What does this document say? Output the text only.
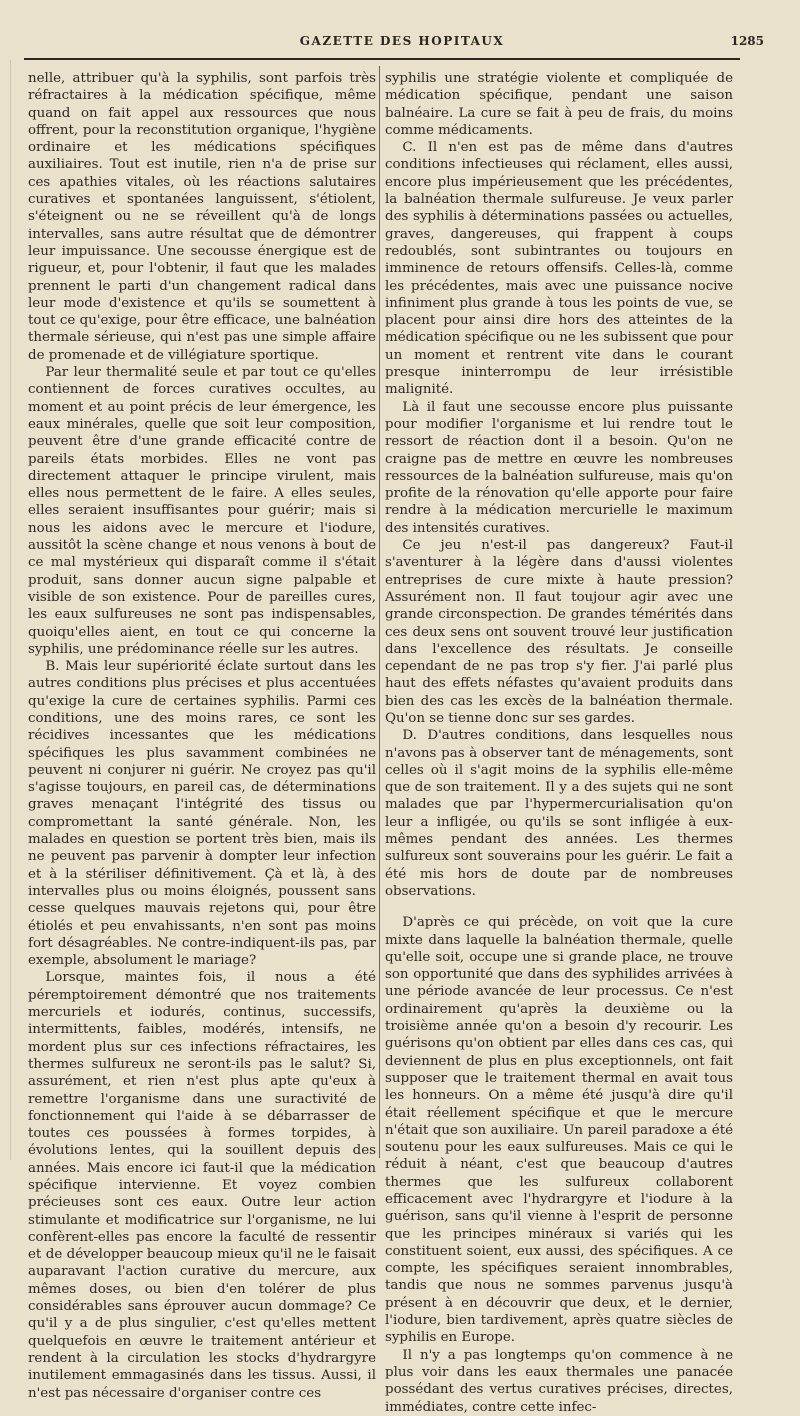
GAZETTE DES HOPITAUX	1285

nelle, attribuer qu'à la syphilis, sont parfois très réfractaires à la médication spécifique, même quand on fait appel aux ressources que nous offrent, pour la reconstitution organique, l'hygiène ordinaire et les médications spécifiques auxiliaires. Tout est inutile, rien n'a de prise sur ces apathies vitales, où les réactions salutaires curatives et spontanées languissent, s'étiolent, s'éteignent ou ne se réveillent qu'à de longs intervalles, sans autre résultat que de démontrer leur impuissance. Une secousse énergique est de rigueur, et, pour l'obtenir, il faut que les malades prennent le parti d'un changement radical dans leur mode d'existence et qu'ils se soumettent à tout ce qu'exige, pour être efficace, une balnéation thermale sérieuse, qui n'est pas une simple affaire de promenade et de villégiature sportique.

Par leur thermalité seule et par tout ce qu'elles contiennent de forces curatives occultes, au moment et au point précis de leur émergence, les eaux minérales, quelle que soit leur composition, peuvent être d'une grande efficacité contre de pareils états morbides. Elles ne vont pas directement attaquer le principe virulent, mais elles nous permettent de le faire. A elles seules, elles seraient insuffisantes pour guérir; mais si nous les aidons avec le mercure et l'iodure, aussitôt la scène change et nous venons à bout de ce mal mystérieux qui disparaît comme il s'était produit, sans donner aucun signe palpable et visible de son existence. Pour de pareilles cures, les eaux sulfureuses ne sont pas indispensables, quoiqu'elles aient, en tout ce qui concerne la syphilis, une prédominance réelle sur les autres.

B. Mais leur supériorité éclate surtout dans les autres conditions plus précises et plus accentuées qu'exige la cure de certaines syphilis. Parmi ces conditions, une des moins rares, ce sont les récidives incessantes que les médications spécifiques les plus savamment combinées ne peuvent ni conjurer ni guérir. Ne croyez pas qu'il s'agisse toujours, en pareil cas, de déterminations graves menaçant l'intégrité des tissus ou compromettant la santé générale. Non, les malades en question se portent très bien, mais ils ne peuvent pas parvenir à dompter leur infection et à la stériliser définitivement. Çà et là, à des intervalles plus ou moins éloignés, poussent sans cesse quelques mauvais rejetons qui, pour être étiolés et peu envahissants, n'en sont pas moins fort désagréables. Ne contre-indiquent-ils pas, par exemple, absolument le mariage?

Lorsque, maintes fois, il nous a été péremptoirement démontré que nos traitements mercuriels et iodurés, continus, successifs, intermittents, faibles, modérés, intensifs, ne mordent plus sur ces infections réfractaires, les thermes sulfureux ne seront-ils pas le salut? Si, assurément, et rien n'est plus apte qu'eux à remettre l'organisme dans une suractivité de fonctionnement qui l'aide à se débarrasser de toutes ces poussées à formes torpides, à évolutions lentes, qui la souillent depuis des années. Mais encore ici faut-il que la médication spécifique intervienne. Et voyez combien précieuses sont ces eaux. Outre leur action stimulante et modificatrice sur l'organisme, ne lui confèrent-elles pas encore la faculté de ressentir et de développer beaucoup mieux qu'il ne le faisait auparavant l'action curative du mercure, aux mêmes doses, ou bien d'en tolérer de plus considérables sans éprouver aucun dommage? Ce qu'il y a de plus singulier, c'est qu'elles mettent quelquefois en œuvre le traitement antérieur et rendent à la circulation les stocks d'hydrargyre inutilement emmagasinés dans les tissus. Aussi, il n'est pas nécessaire d'organiser contre ces

syphilis une stratégie violente et compliquée de médication spécifique, pendant une saison balnéaire. La cure se fait à peu de frais, du moins comme médicaments.

C. Il n'en est pas de même dans d'autres conditions infectieuses qui réclament, elles aussi, encore plus impérieusement que les précédentes, la balnéation thermale sulfureuse. Je veux parler des syphilis à déterminations passées ou actuelles, graves, dangereuses, qui frappent à coups redoublés, sont subintrantes ou toujours en imminence de retours offensifs. Celles-là, comme les précédentes, mais avec une puissance nocive infiniment plus grande à tous les points de vue, se placent pour ainsi dire hors des atteintes de la médication spécifique ou ne les subissent que pour un moment et rentrent vite dans le courant presque ininterrompu de leur irrésistible malignité.

Là il faut une secousse encore plus puissante pour modifier l'organisme et lui rendre tout le ressort de réaction dont il a besoin. Qu'on ne craigne pas de mettre en œuvre les nombreuses ressources de la balnéation sulfureuse, mais qu'on profite de la rénovation qu'elle apporte pour faire rendre à la médication mercurielle le maximum des intensités curatives.

Ce jeu n'est-il pas dangereux? Faut-il s'aventurer à la légère dans d'aussi violentes entreprises de cure mixte à haute pression? Assurément non. Il faut toujour agir avec une grande circonspection. De grandes témérités dans ces deux sens ont souvent trouvé leur justification dans l'excellence des résultats. Je conseille cependant de ne pas trop s'y fier. J'ai parlé plus haut des effets néfastes qu'avaient produits dans bien des cas les excès de la balnéation thermale. Qu'on se tienne donc sur ses gardes.

D. D'autres conditions, dans lesquelles nous n'avons pas à observer tant de ménagements, sont celles où il s'agit moins de la syphilis elle-même que de son traitement. Il y a des sujets qui ne sont malades que par l'hypermercurialisation qu'on leur a infligée, ou qu'ils se sont infligée à eux-mêmes pendant des années. Les thermes sulfureux sont souverains pour les guérir. Le fait a été mis hors de doute par de nombreuses observations.

D'après ce qui précède, on voit que la cure mixte dans laquelle la balnéation thermale, quelle qu'elle soit, occupe une si grande place, ne trouve son opportunité que dans des syphilides arrivées à une période avancée de leur processus. Ce n'est ordinairement qu'après la deuxième ou la troisième année qu'on a besoin d'y recourir. Les guérisons qu'on obtient par elles dans ces cas, qui deviennent de plus en plus exceptionnels, ont fait supposer que le traitement thermal en avait tous les honneurs. On a même été jusqu'à dire qu'il était réellement spécifique et que le mercure n'était que son auxiliaire. Un pareil paradoxe a été soutenu pour les eaux sulfureuses. Mais ce qui le réduit à néant, c'est que beaucoup d'autres thermes que les sulfureux collaborent efficacement avec l'hydrargyre et l'iodure à la guérison, sans qu'il vienne à l'esprit de personne que les principes minéraux si variés qui les constituent soient, eux aussi, des spécifiques. A ce compte, les spécifiques seraient innombrables, tandis que nous ne sommes parvenus jusqu'à présent à en découvrir que deux, et le dernier, l'iodure, bien tardivement, après quatre siècles de syphilis en Europe.

Il n'y a pas longtemps qu'on commence à ne plus voir dans les eaux thermales une panacée possédant des vertus curatives précises, directes, immédiates, contre cette infec-
